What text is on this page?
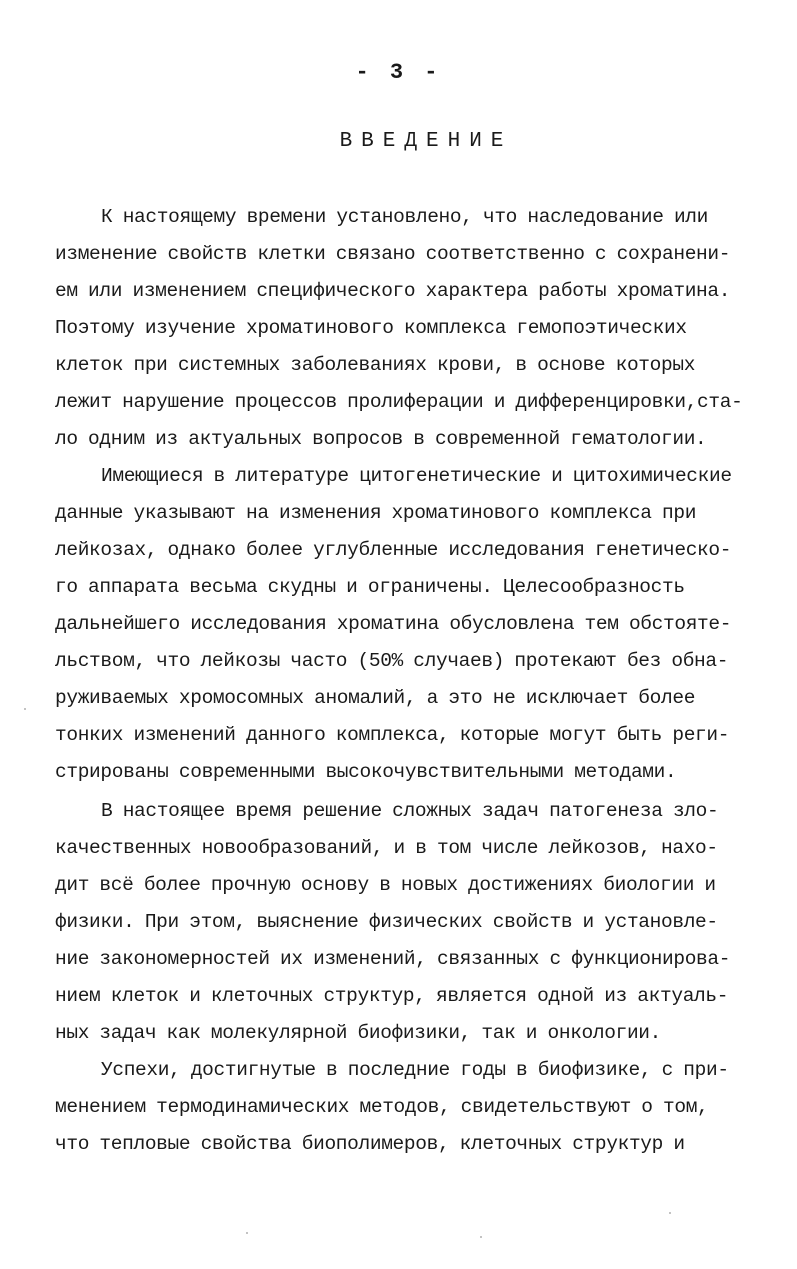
- 3 -
ВВЕДЕНИЕ
К настоящему времени установлено, что наследование или
изменение свойств клетки связано соответственно с сохранени-
ем или изменением специфического характера работы хроматина.
Поэтому изучение хроматинового комплекса гемопоэтических
клеток при системных заболеваниях крови, в основе которых
лежит нарушение процессов пролиферации и дифференцировки,ста-
ло одним из актуальных вопросов в современной гематологии.
Имеющиеся в литературе цитогенетические и цитохимические
данные указывают на изменения хроматинового комплекса при
лейкозах, однако более углубленные исследования генетическо-
го аппарата весьма скудны и ограничены. Целесообразность
дальнейшего исследования хроматина обусловлена тем обстояте-
льством, что лейкозы часто (50% случаев) протекают без обна-
руживаемых хромосомных аномалий, а это не исключает более
тонких изменений данного комплекса, которые могут быть реги-
стрированы современными высокочувствительными методами.
В настоящее время решение сложных задач патогенеза зло-
качественных новообразований, и в том числе лейкозов, нахо-
дит всё более прочную основу в новых достижениях биологии и
физики. При этом, выяснение физических свойств и установле-
ние закономерностей их изменений, связанных с функционирова-
нием клеток и клеточных структур, является одной из актуаль-
ных задач как молекулярной биофизики, так и онкологии.
Успехи, достигнутые в последние годы в биофизике, с при-
менением термодинамических методов, свидетельствуют о том,
что тепловые свойства биополимеров, клеточных структур и
